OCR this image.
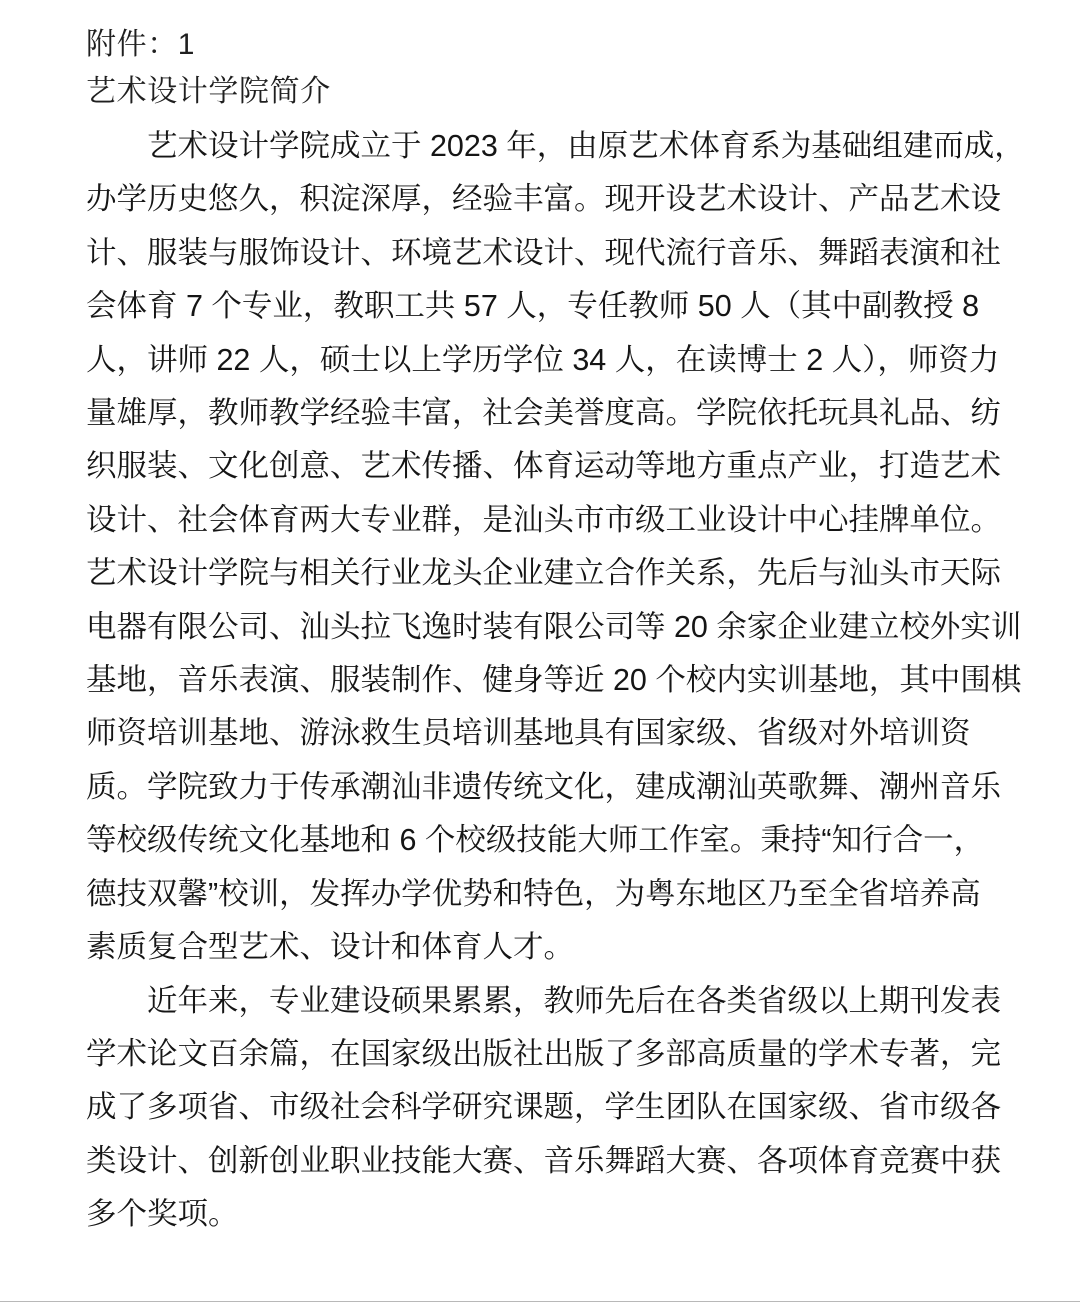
附件：1
艺术设计学院简介
　　艺术设计学院成立于 2023 年，由原艺术体育系为基础组建而成，
办学历史悠久，积淀深厚，经验丰富。现开设艺术设计、产品艺术设
计、服装与服饰设计、环境艺术设计、现代流行音乐、舞蹈表演和社
会体育 7 个专业，教职工共 57 人，专任教师 50 人（其中副教授 8
人，讲师 22 人，硕士以上学历学位 34 人，在读博士 2 人），师资力
量雄厚，教师教学经验丰富，社会美誉度高。学院依托玩具礼品、纺
织服装、文化创意、艺术传播、体育运动等地方重点产业，打造艺术
设计、社会体育两大专业群，是汕头市市级工业设计中心挂牌单位。
艺术设计学院与相关行业龙头企业建立合作关系，先后与汕头市天际
电器有限公司、汕头拉飞逸时装有限公司等 20 余家企业建立校外实训
基地，音乐表演、服装制作、健身等近 20 个校内实训基地，其中围棋
师资培训基地、游泳救生员培训基地具有国家级、省级对外培训资
质。学院致力于传承潮汕非遗传统文化，建成潮汕英歌舞、潮州音乐
等校级传统文化基地和 6 个校级技能大师工作室。秉持“知行合一，
德技双馨”校训，发挥办学优势和特色，为粤东地区乃至全省培养高
素质复合型艺术、设计和体育人才。
　　近年来，专业建设硕果累累，教师先后在各类省级以上期刊发表
学术论文百余篇，在国家级出版社出版了多部高质量的学术专著，完
成了多项省、市级社会科学研究课题，学生团队在国家级、省市级各
类设计、创新创业职业技能大赛、音乐舞蹈大赛、各项体育竞赛中获
多个奖项。
